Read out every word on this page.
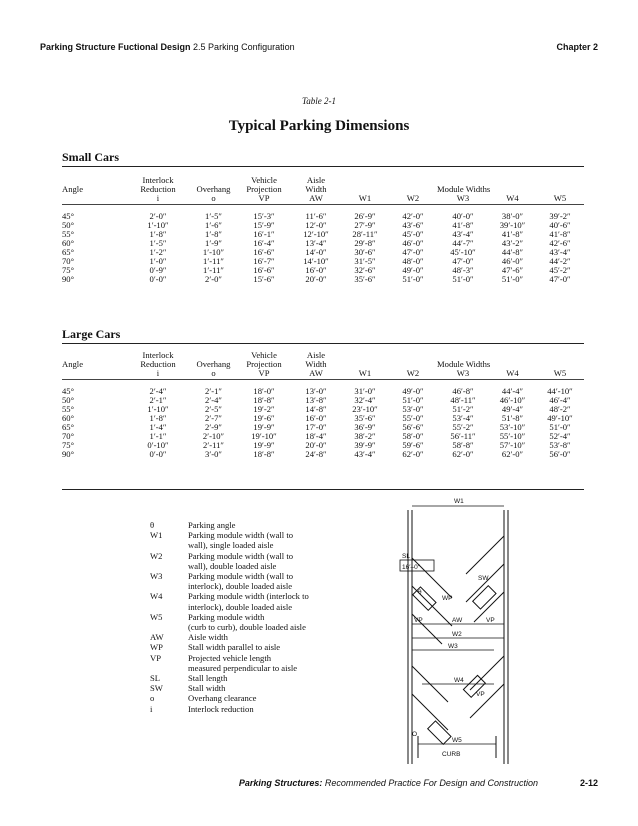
Parking Structure Fuctional Design 2.5 Parking Configuration	Chapter 2
Table 2-1
Typical Parking Dimensions
Small Cars
	Interlock		Vehicle	Aisle					
Angle	Reduction	Overhang	Projection	Width			Module Widths		
	i	o	VP	AW	W1	W2	W3	W4	W5

45°	2′-0″	1′-5″	15′-3″	11′-6″	26′-9″	42′-0″	40′-0″	38′-0″	39′-2″
50°	1′-10″	1′-6″	15′-9″	12′-0″	27′-9″	43′-6″	41′-8″	39′-10″	40′-6″
55°	1′-8″	1′-8″	16′-1″	12′-10″	28′-11″	45′-0″	43′-4″	41′-8″	41′-8″
60°	1′-5″	1′-9″	16′-4″	13′-4″	29′-8″	46′-0″	44′-7″	43′-2″	42′-6″
65°	1′-2″	1′-10″	16′-6″	14′-0″	30′-6″	47′-0″	45′-10″	44′-8″	43′-4″
70°	1′-0″	1′-11″	16′-7″	14′-10″	31′-5″	48′-0″	47′-0″	46′-0″	44′-2″
75°	0′-9″	1′-11″	16′-6″	16′-0″	32′-6″	49′-0″	48′-3″	47′-6″	45′-2″
90°	0′-0″	2′-0″	15′-6″	20′-0″	35′-6″	51′-0″	51′-0″	51′-0″	47′-0″
Large Cars
	Interlock		Vehicle	Aisle					
Angle	Reduction	Overhang	Projection	Width			Module Widths		
	i	o	VP	AW	W1	W2	W3	W4	W5

45°	2′-4″	2′-1″	18′-0″	13′-0″	31′-0″	49′-0″	46′-8″	44′-4″	44′-10″
50°	2′-1″	2′-4″	18′-8″	13′-8″	32′-4″	51′-0″	48′-11″	46′-10″	46′-4″
55°	1′-10″	2′-5″	19′-2″	14′-8″	23′-10″	53′-0″	51′-2″	49′-4″	48′-2″
60°	1′-8″	2′-7″	19′-6″	16′-0″	35′-6″	55′-0″	53′-4″	51′-8″	49′-10″
65°	1′-4″	2′-9″	19′-9″	17′-0″	36′-9″	56′-6″	55′-2″	53′-10″	51′-0″
70°	1′-1″	2′-10″	19′-10″	18′-4″	38′-2″	58′-0″	56′-11″	55′-10″	52′-4″
75°	0′-10″	2′-11″	19′-9″	20′-0″	39′-9″	59′-6″	58′-8″	57′-10″	53′-8″
90°	0′-0″	3′-0″	18′-8″	24′-8″	43′-4″	62′-0″	62′-0″	62′-0″	56′-0″
θ	Parking angle
W1	Parking module width (wall to
wall), single loaded aisle
W2	Parking module width (wall to
wall), double loaded aisle
W3	Parking module width (wall to
interlock), double loaded aisle
W4	Parking module width (interlock to
interlock), double loaded aisle
W5	Parking module width
(curb to curb), double loaded aisle
AW	Aisle width
WP	Stall width parallel to aisle
VP	Projected vehicle length
measured perpendicular to aisle
SL	Stall length
SW	Stall width
o	Overhang clearance
i	Interlock reduction
W1
SL
16′–0″
θ
WP
SW
VP	AW	VP
W2
W3
W4
VP
O
W5
CURB
Parking Structures: Recommended Practice For Design and Construction	2-12
